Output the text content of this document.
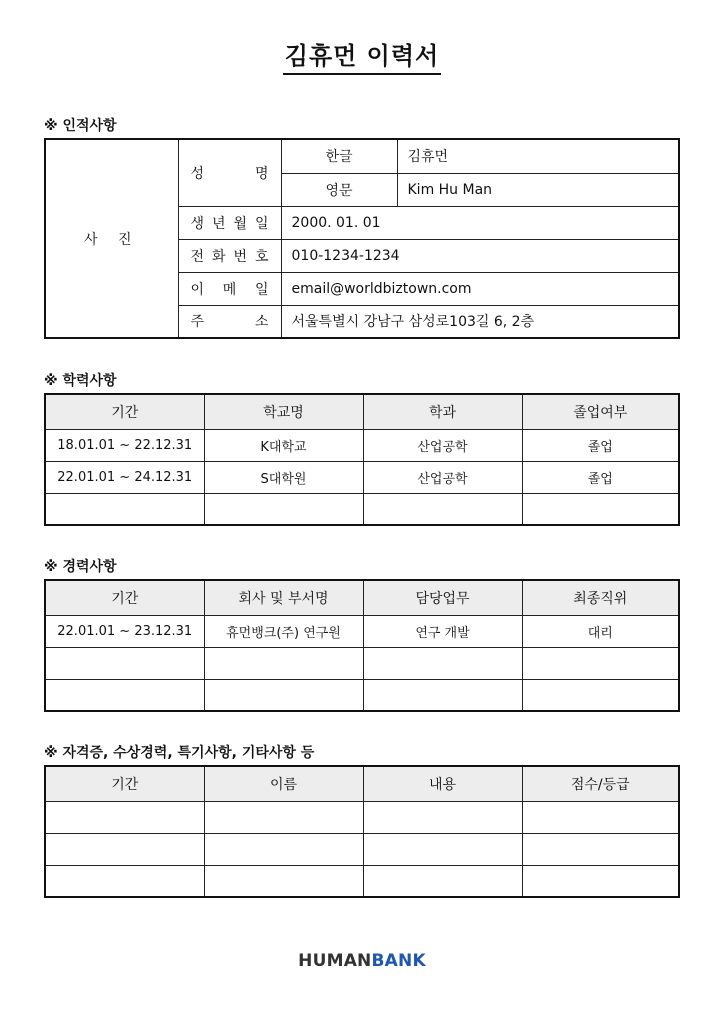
김휴먼 이력서
※ 인적사항
사 진	성 명	한글	김휴먼
		영문	Kim Hu Man

	생 년 월 일	2000. 01. 01	

	전 화 번 호	010-1234-1234	

	이 메 일	email@worldbiztown.com	

	주 소	서울특별시 강남구 삼성로103길 6, 2층	
※ 학력사항
기간	학교명	학과	졸업여부
18.01.01 ~ 22.12.31	K대학교	산업공학	졸업
22.01.01 ~ 24.12.31	S대학원	산업공학	졸업

※ 경력사항
기간	회사 및 부서명	담당업무	최종직위
22.01.01 ~ 23.12.31	휴먼뱅크(주) 연구원	연구 개발	대리

※ 자격증, 수상경력, 특기사항, 기타사항 등
기간	이름	내용	점수/등급

HUMANBANK
